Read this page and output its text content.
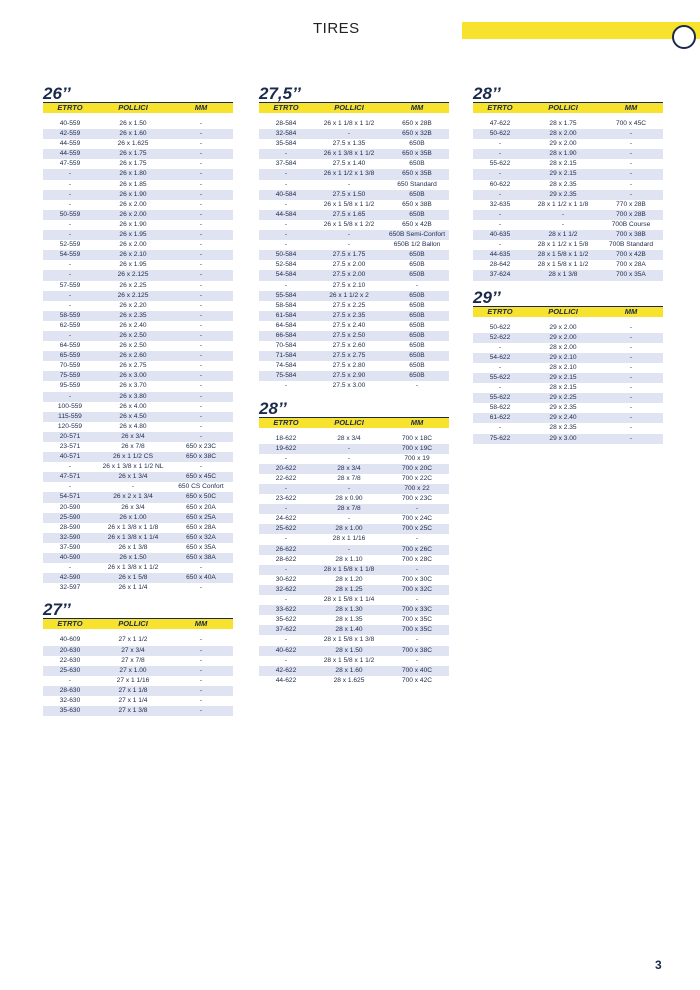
TIRES
26’’
ETRTO	POLLICI	MM
40-559	26 x 1.50	-
42-559	26 x 1.60	-
44-559	26 x 1.625	-
44-559	26 x 1.75	-
47-559	26 x 1.75	-
-	26 x 1.80	-
-	26 x 1.85	-
-	26 x 1.90	-
-	26 x 2.00	-
50-559	26 x 2.00	-
-	26 x 1.90	-
-	26 x 1.95	-
52-559	26 x 2.00	-
54-559	26 x 2.10	-
-	26 x 1.95	-
-	26 x 2.125	-
57-559	26 x 2.25	-
-	26 x 2.125	-
-	26 x 2.20	-
58-559	26 x 2.35	-
62-559	26 x 2.40	-
-	26 x 2.50	-
64-559	26 x 2.50	-
65-559	26 x 2.60	-
70-559	26 x 2.75	-
75-559	26 x 3.00	-
95-559	26 x 3.70	-
-	26 x 3.80	-
100-559	26 x 4.00	-
115-559	26 x 4.50	-
120-559	26 x 4.80	-
20-571	26 x 3/4	-
23-571	26 x 7/8	650 x 23C
40-571	26 x 1 1/2 CS	650 x 38C
-	26 x 1 3/8 x 1 1/2 NL	-
47-571	26 x 1 3/4	650 x 45C
-	-	650 CS Confort
54-571	26 x 2 x 1 3/4	650 x 50C
20-590	26 x 3/4	650 x 20A
25-590	26 x 1.00	650 x 25A
28-590	26 x 1 3/8 x 1 1/8	650 x 28A
32-590	26 x 1 3/8 x 1 1/4	650 x 32A
37-590	26 x 1 3/8	650 x 35A
40-590	26 x 1.50	650 x 38A
-	26 x 1 3/8 x 1 1/2	-
42-590	26 x 1 5/8	650 x 40A
32-597	26 x 1 1/4	-
27’’
ETRTO	POLLICI	MM
40-609	27 x 1 1/2	-
20-630	27 x 3/4	-
22-630	27 x 7/8	-
25-630	27 x 1.00	-
-	27 x 1 1/16	-
28-630	27 x 1 1/8	-
32-630	27 x 1 1/4	-
35-630	27 x 1 3/8	-
27,5’’
ETRTO	POLLICI	MM
28-584	26 x 1 1/8 x 1 1/2	650 x 28B
32-584	-	650 x 32B
35-584	27.5 x 1.35	650B
-	26 x 1 3/8 x 1 1/2	650 x 35B
37-584	27.5 x 1.40	650B
-	26 x 1 1/2 x 1 3/8	650 x 35B
-	-	650 Standard
40-584	27.5 x 1.50	650B
-	26 x 1 5/8 x 1 1/2	650 x 38B
44-584	27.5 x 1.65	650B
-	26 x 1 5/8 x 1 2/2	650 x 42B
-	-	650B Semi-Confort
-	-	650B 1/2 Ballon
50-584	27.5 x 1.75	650B
52-584	27.5 x 2.00	650B
54-584	27.5 x 2.00	650B
-	27.5 x 2.10	-
55-584	26 x 1 1/2 x 2	650B
58-584	27.5 x 2.25	650B
61-584	27.5 x 2.35	650B
64-584	27.5 x 2.40	650B
66-584	27.5 x 2.50	650B
70-584	27.5 x 2.60	650B
71-584	27.5 x 2.75	650B
74-584	27.5 x 2.80	650B
75-584	27.5 x 2.90	650B
-	27.5 x 3.00	-
28’’
ETRTO	POLLICI	MM
18-622	28 x 3/4	700 x 18C
19-622	-	700 x 19C
-	-	700 x 19
20-622	28 x 3/4	700 x 20C
22-622	28 x 7/8	700 x 22C
-	-	700 x 22
23-622	28 x 0.90	700 x 23C
-	28 x 7/8	-
24-622	-	700 x 24C
25-622	28 x 1.00	700 x 25C
-	28 x 1 1/16	-
26-622	-	700 x 26C
28-622	28 x 1.10	700 x 28C
-	28 x 1 5/8 x 1 1/8	-
30-622	28 x 1.20	700 x 30C
32-622	28 x 1.25	700 x 32C
-	28 x 1 5/8 x 1 1/4	-
33-622	28 x 1.30	700 x 33C
35-622	28 x 1.35	700 x 35C
37-622	28 x 1.40	700 x 35C
-	28 x 1 5/8 x 1 3/8	-
40-622	28 x 1.50	700 x 38C
-	28 x 1 5/8 x 1 1/2	-
42-622	28 x 1.60	700 x 40C
44-622	28 x 1.625	700 x 42C
28’’
ETRTO	POLLICI	MM
47-622	28 x 1.75	700 x 45C
50-622	28 x 2.00	-
-	29 x 2.00	-
-	28 x 1.90	-
55-622	28 x 2.15	-
-	29 x 2.15	-
60-622	28 x 2.35	-
-	29 x 2.35	-
32-635	28 x 1 1/2 x 1 1/8	770 x 28B
-	-	700 x 28B
-	-	700B Course
40-635	28 x 1 1/2	700 x 38B
-	28 x 1 1/2 x 1 5/8	700B Standard
44-635	28 x 1 5/8 x 1 1/2	700 x 42B
28-642	28 x 1 5/8 x 1 1/2	700 x 28A
37-624	28 x 1 3/8	700 x 35A
29’’
ETRTO	POLLICI	MM
50-622	29 x 2.00	-
52-622	29 x 2.00	-
-	28 x 2.00	-
54-622	29 x 2.10	-
-	28 x 2.10	-
55-622	29 x 2.15	-
-	28 x 2.15	-
55-622	29 x 2.25	-
58-622	29 x 2.35	-
61-622	29 x 2.40	-
-	28 x 2.35	-
75-622	29 x 3.00	-
3
